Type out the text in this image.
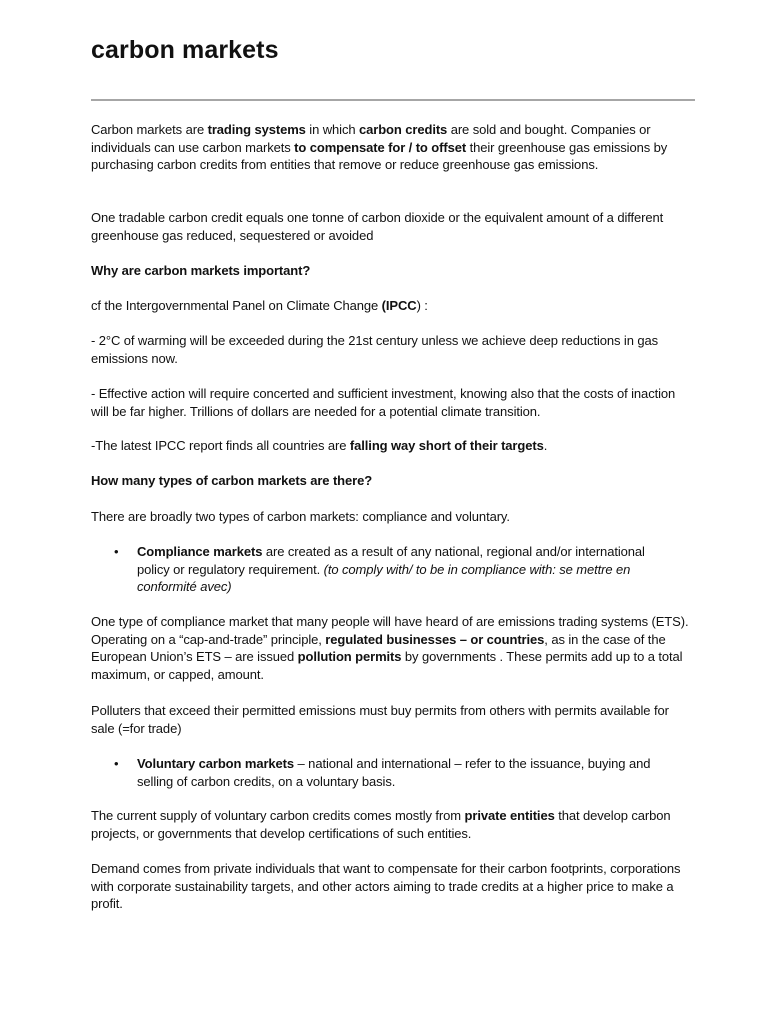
carbon markets

Carbon markets are trading systems in which carbon credits are sold and bought. Companies or individuals can use carbon markets to compensate for / to offset their greenhouse gas emissions by purchasing carbon credits from entities that remove or reduce greenhouse gas emissions.

One tradable carbon credit equals one tonne of carbon dioxide or the equivalent amount of a different greenhouse gas reduced, sequestered or avoided

Why are carbon markets important?

cf the Intergovernmental Panel on Climate Change (IPCC) :

- 2°C of warming will be exceeded during the 21st century unless we achieve deep reductions in gas emissions now.

- Effective action will require concerted and sufficient investment, knowing also that the costs of inaction will be far higher. Trillions of dollars are needed for a potential climate transition.

-The latest IPCC report finds all countries are falling way short of their targets.

How many types of carbon markets are there?

There are broadly two types of carbon markets: compliance and voluntary.

• Compliance markets are created as a result of any national, regional and/or international policy or regulatory requirement. (to comply with/ to be in compliance with: se mettre en conformité avec)

One type of compliance market that many people will have heard of are emissions trading systems (ETS). Operating on a “cap-and-trade” principle, regulated businesses – or countries, as in the case of the European Union’s ETS – are issued pollution permits by governments . These permits add up to a total maximum, or capped, amount.

Polluters that exceed their permitted emissions must buy permits from others with permits available for sale (=for trade)

• Voluntary carbon markets – national and international – refer to the issuance, buying and selling of carbon credits, on a voluntary basis.

The current supply of voluntary carbon credits comes mostly from private entities that develop carbon projects, or governments that develop certifications of such entities.

Demand comes from private individuals that want to compensate for their carbon footprints, corporations with corporate sustainability targets, and other actors aiming to trade credits at a higher price to make a profit.
